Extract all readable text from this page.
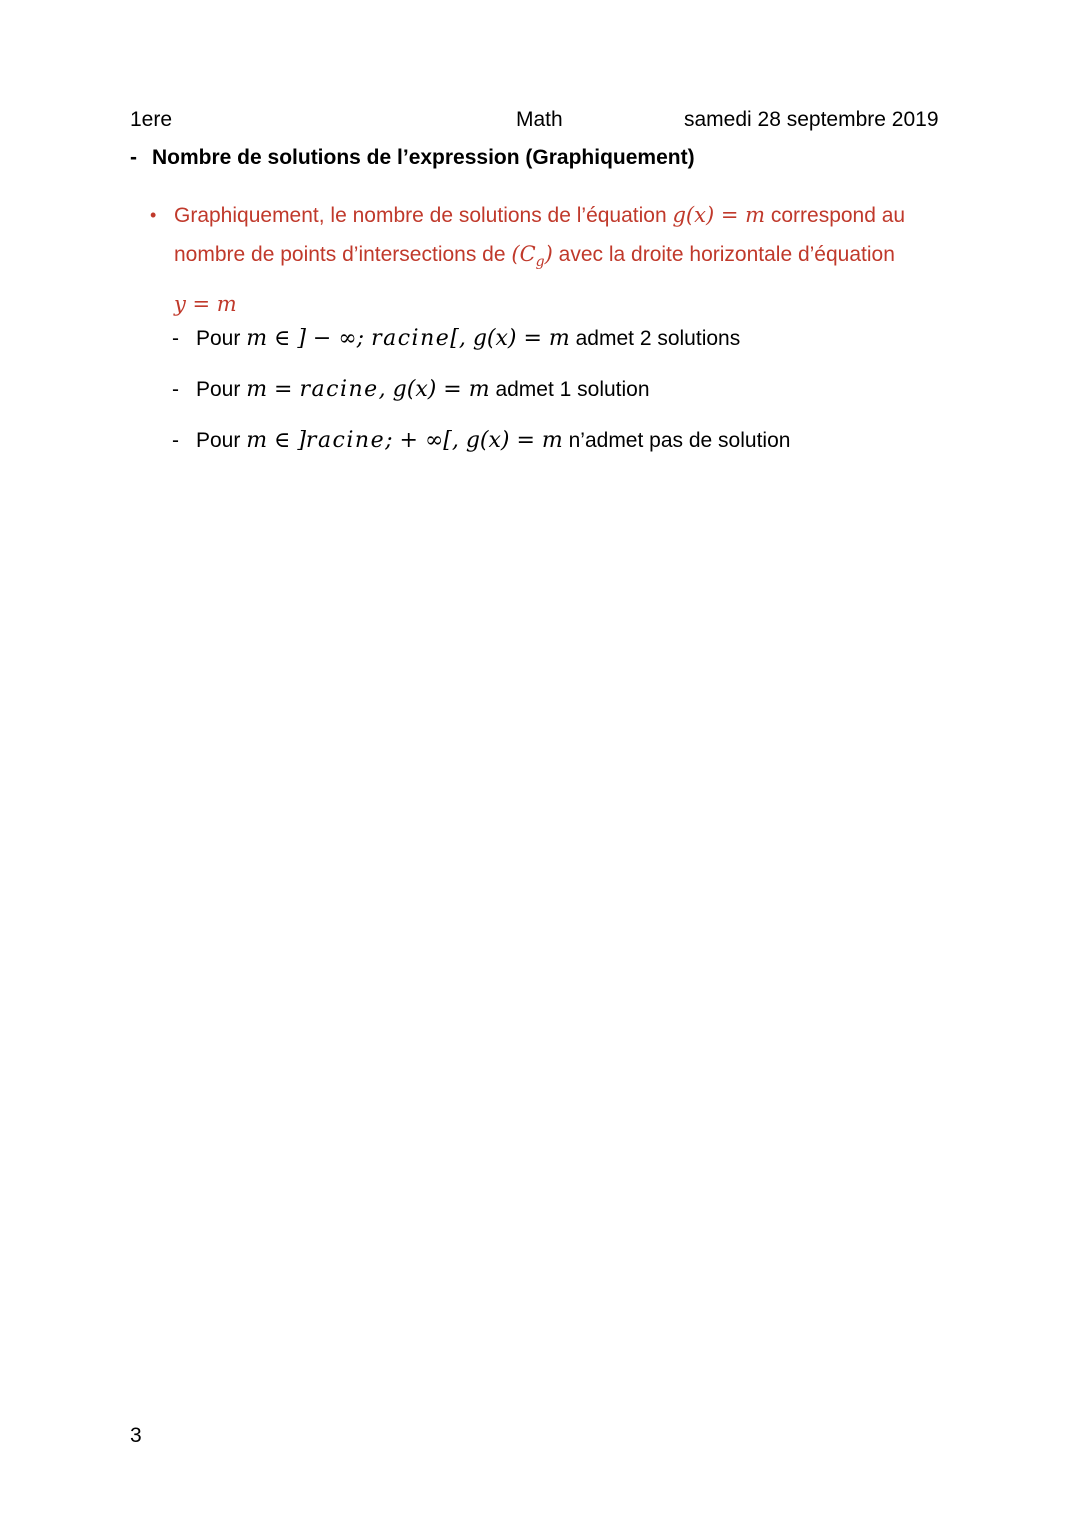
1ere	Math	samedi 28 septembre 2019
- Nombre de solutions de l’expression (Graphiquement)
• Graphiquement, le nombre de solutions de l’équation g(x) = m correspond au nombre de points d’intersections de $(C_g)$ avec la droite horizontale d’équation
y = m
- Pour m ∈ ] − ∞; racine[, g(x) = m admet 2 solutions
- Pour m = racine, g(x) = m admet 1 solution
- Pour m ∈ ]racine; + ∞[, g(x) = m n’admet pas de solution
3
